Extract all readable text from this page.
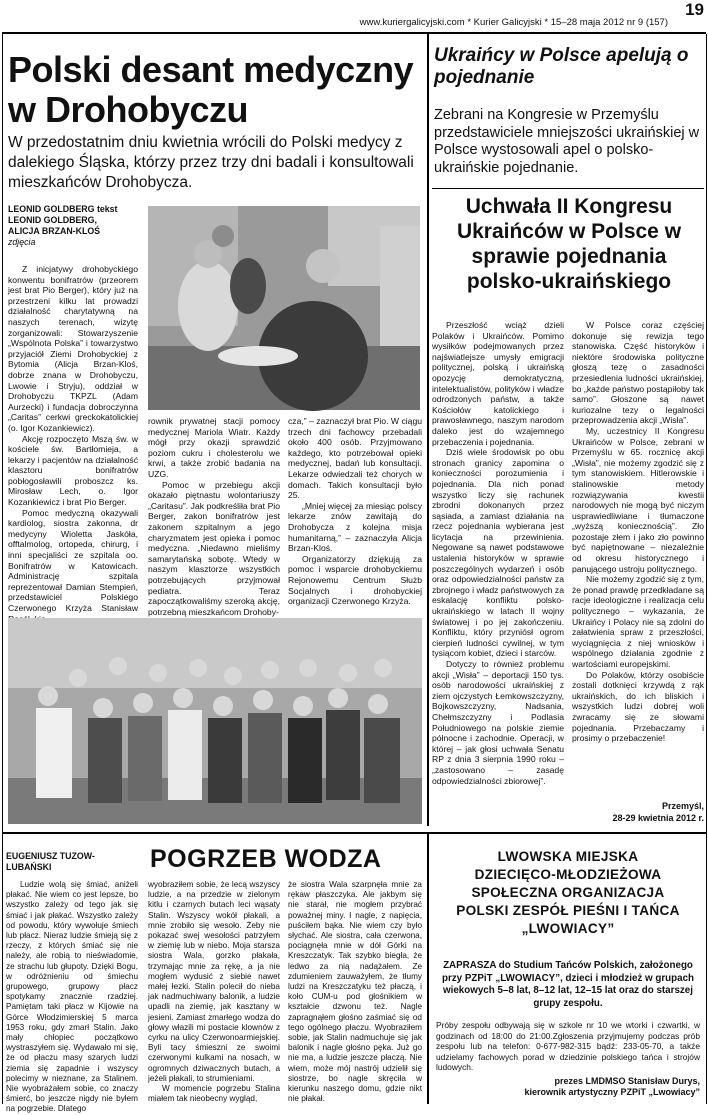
www.kuriergalicyjski.com * Kurier Galicyjski * 15–28 maja 2012 nr 9 (157)
19
Polski desant medyczny w Drohobyczu
W przedostatnim dniu kwietnia wrócili do Polski medycy z dalekiego Śląska, którzy przez trzy dni badali i konsultowali mieszkańców Drohobycza.
LEONID GOLDBERG tekst
LEONID GOLDBERG,
ALICJA BRZAN-KLOŚ
zdjęcia

Z inicjatywy drohobyckiego konwentu bonifratrów (przeorem jest brat Pio Berger), który już na przestrzeni kilku lat prowadzi działalność charytatywną na naszych terenach, wizytę zorganizowali: Stowarzyszenie „Wspólnota Polska” i towarzystwo przyjaciół Ziemi Drohobyckiej z Bytomia (Alicja Brzan-Kloś, dobrze znana w Drohobyczu, Lwowie i Stryju), oddział w Drohobyczu TKPZL (Adam Aurzecki) i fundacja dobroczynna „Caritas” cerkwi greckokatolickiej (o. Igor Kozankiewicz).

Akcję rozpoczęto Mszą św. w kościele św. Bartłomieja, a lekarzy i pacjentów na działalność klasztoru bonifratrów pobłogosławili proboszcz ks. Mirosław Lech, o. Igor Kozankiewicz i brat Pio Berger.

Pomoc medyczną okazywali kardiolog, siostra zakonna, dr medycyny Wioletta Jaskóła, offtalmolog, ortopeda, chirurg, i inni specjaliści ze szpitala oo. Bonifratrów w Katowicach. Administrację szpitala reprezentował Damian Stempień, przedstawiciel Polskiego Czerwonego Krzyża Stanisław

rownik prywatnej stacji pomocy medycznej Mariola Wiatr. Każdy mógł przy okazji sprawdzić poziom cukru i cholesterolu we krwi, a także zrobić badania na UZG.

Pomoc w przebiegu akcji okazało piętnastu wolontariuszy „Caritasu”. Jak podkreśliła brat Pio Berger, zakon bonifratrów jest zakonem szpitalnym a jego charyzmatem jest opieka i pomoc medyczna. „Niedawno mieliśmy samarytańską sobotę. Wtedy w naszym klasztorze wszystkich potrzebujących przyjmował pediatra. Teraz zapoczątkowaliśmy szeroką akcję, potrzebną mieszkańcom Drohoby-

cza,” – zaznaczył brat Pio. W ciągu trzech dni fachowcy przebadali około 400 osób. Przyjmowano każdego, kto potrzebował opieki medycznej, badań lub konsultacji. Lekarze odwiedzali też chorych w domach. Takich konsultacji było 25.

„Mniej więcej za miesiąc polscy lekarze znów zawitają do Drohobycza z kolejna misja humanitarną,” – zaznaczyła Alicja Brzan-Kloś.

Organizatorzy dziękują za pomoc i wsparcie drohobyckiemu Rejonowemu Centrum Służb Socjalnych i drohobyckiej organizacji Czerwonego Krzyża.

Ukraińcy w Polsce apelują o pojednanie
Zebrani na Kongresie w Przemyślu przedstawiciele mniejszości ukraińskiej w Polsce wystosowali apel o polsko-ukraińskie pojednanie.
Uchwała II Kongresu Ukraińców w Polsce w sprawie pojednania polsko-ukraińskiego

Przeszłość wciąż dzieli Polaków i Ukraińców. Pomimo wysiłków podejmowanych przez najświatlejsze umysły emigracji politycznej, polską i ukraińską opozycję demokratyczną, intelektualistów, polityków i władze odrodzonych państw, a także Kościołów katolickiego i prawosławnego, naszym narodom daleko jest do wzajemnego przebaczenia i pojednania.

Dziś wiele środowisk po obu stronach granicy zapomina o konieczności porozumienia i pojednania. Dla nich ponad wszystko liczy się rachunek zbrodni dokonanych przez sąsiada, a zamiast działania na rzecz pojednania wybierana jest licytacja na przewinienia. Negowane są nawet podstawowe ustalenia historyków w sprawie poszczególnych wydarzeń i osób oraz odpowiedzialności państw za zbrojnego i władz państwowych za eskalację konfliktu polsko-ukraińskiego w latach II wojny światowej i po jej zakończeniu. Konfliktu, który przyniósł ogrom cierpień ludności cywilnej, w tym tysiącom kobiet, dzieci i starców.

Dotyczy to również problemu akcji „Wisła” – deportacji 150 tys. osób narodowości ukraińskiej z ziem ojczystych Łemkowszczyzny, Bojkowszczyzny, Nadsania, Chełmszczyzny i Podlasia Południowego na polskie ziemie północne i zachodnie. Operacji, w której – jak głosi uchwała Senatu RP z dnia 3 sierpnia 1990 roku – „zastosowano – zasadę odpowiedzialności zbiorowej”.

W Polsce coraz częściej dokonuje się rewizja tego stanowiska. Część historyków i niektóre środowiska polityczne głoszą tezę o zasadności przesiedlenia ludności ukraińskiej, bo „każde państwo postąpiłoby tak samo”. Głoszone są nawet kuriozalne tezy o legalności przeprowadzenia akcji „Wisła”.

My, uczestnicy II Kongresu Ukraińców w Polsce, zebrani w Przemyślu w 65. rocznicę akcji „Wisła”, nie możemy zgodzić się z tym stanowiskiem. Hitlerowskie i stalinowskie metody rozwiązywania kwestii narodowych nie mogą być niczym usprawiedliwiane i tłumaczone „wyższą koniecznością”. Zło pozostaje złem i jako zło powinno być napiętnowane – niezależnie od okresu historycznego i panującego ustroju politycznego.

Nie możemy zgodzić się z tym, że ponad prawdę przedkładane są racje ideologiczne i realizacja celu politycznego – wykazania, że Ukraińcy i Polacy nie są zdolni do załatwienia spraw z przeszłości, wyciągnięcia z niej wniosków i wspólnego działania zgodnie z wartościami europejskimi.

Do Polaków, którzy osobiście zostali dotknięci krzywdą z rąk ukraińskich, do ich bliskich i wszystkich ludzi dobrej woli zwracamy się ze słowami pojednania. Przebaczamy i prosimy o przebaczenie!

Przemyśl,
28-29 kwietnia 2012 r.
EUGENIUSZ TUZOW-
LUBAŃSKI	POGRZEB WODZA

Ludzie wolą się śmiać, aniżeli płakać. Nie wiem co jest lepsze, bo wszystko zależy od tego jak się śmiać i jak płakać. Wszystko zależy od powodu, który wywołuje śmiech lub płacz. Nieraz ludzie śmieją się z rzeczy, z których śmiać się nie należy, ale robią to nieświadomie, ze strachu lub głupoty. Dzięki Bogu, w odróżnieniu od śmiechu grupowego, grupowy płacz spotykamy znacznie rzadziej. Pamiętam taki płacz w Kijowie na Górce Włodzimierskiej 5 marca 1953 roku, gdy zmarł Stalin. Jako mały chłopiec początkowo wystraszyłem się. Wydawało mi się, że od płaczu masy szarych ludzi ziemia się zapadnie i wszyscy polecimy w nieznane, za Stalinem. Nie wyobrażałem sobie, co znaczy śmierć, bo jeszcze nigdy nie byłem na pogrzebie. Dlatego

wyobraziłem sobie, że lecą wszyscy ludzie, a na przedzie w zielonym kitlu i czarnych butach leci wąsaty Stalin. Wszyscy wokół płakali, a mnie zrobiło się wesoło. Żeby nie pokazać swej wesołości patrzyłem w ziemię lub w niebo. Moja starsza siostra Wala, gorzko płakała, trzymając mnie za rękę, a ja nie mogłem wydusić z siebie nawet małej łezki. Stalin polecił do nieba jak nadmuchiwany balonik, a ludzie upadli na ziemię, jak kasztany w jesieni. Zamiast zmarłego wodza do głowy włazili mi postacie klownów z cyrku na ulicy Czerwonoarmiejskiej. Byli tacy śmieszni ze swoimi czerwonymi kulkami na nosach, w ogromnych dziwacznych butach, a jeżeli płakali, to strumieniami.

W momencie pogrzebu Stalina miałem tak nieobecny wygląd,

że siostra Wala szarpnęła mnie za rękaw płaszczyka. Ale jakbym się nie starał, nie mogłem przybrać poważnej miny. I nagle, z napięcia, puściłem bąka. Nie wiem czy było słychać. Ale siostra, cała czerwona, pociągnęła mnie w dół Górki na Kreszczatyk. Tak szybko biegła, że ledwo za nią nadążałem. Ze zdumieniem zauważyłem, że tłumy ludzi na Kreszczatyku też płaczą, i koło CUM-u pod głośnikiem w kształcie dzwonu też. Nagle zapragnąłem głośno zaśmiać się od tego ogólnego płaczu. Wyobraziłem sobie, jak Stalin nadmuchuje się jak balonik i nagle głośno pęka. Już go nie ma, a ludzie jeszcze płaczą. Nie wiem, może mój nastrój udzielił się siostrze, bo nagle skręciła w kierunku naszego domu, gdzie nikt nie płakał.

LWOWSKA MIEJSKA
DZIECIĘCO-MŁODZIEŻOWA
SPOŁECZNA ORGANIZACJA
POLSKI ZESPÓŁ PIEŚNI I TAŃCA
„LWOWIACY”
ZAPRASZA do Studium Tańców Polskich, założonego przy PZPiT „LWOWIACY”, dzieci i młodzież w grupach wiekowych 5–8 lat, 8–12 lat, 12–15 lat oraz do starszej grupy zespołu.
Próby zespołu odbywają się w szkole nr 10 we wtorki i czwartki, w godzinach od 18:00 do 21:00.Zgłoszenia przyjmujemy podczas prób zespołu lub na telefon: 0-677-982-315 bądź: 233-05-70, a także udzielamy fachowych porad w dziedzinie polskiego tańca i strojów ludowych.
prezes LMDMSO Stanisław Durys,
kierownik artystyczny PZPiT „Lwowiacy”
